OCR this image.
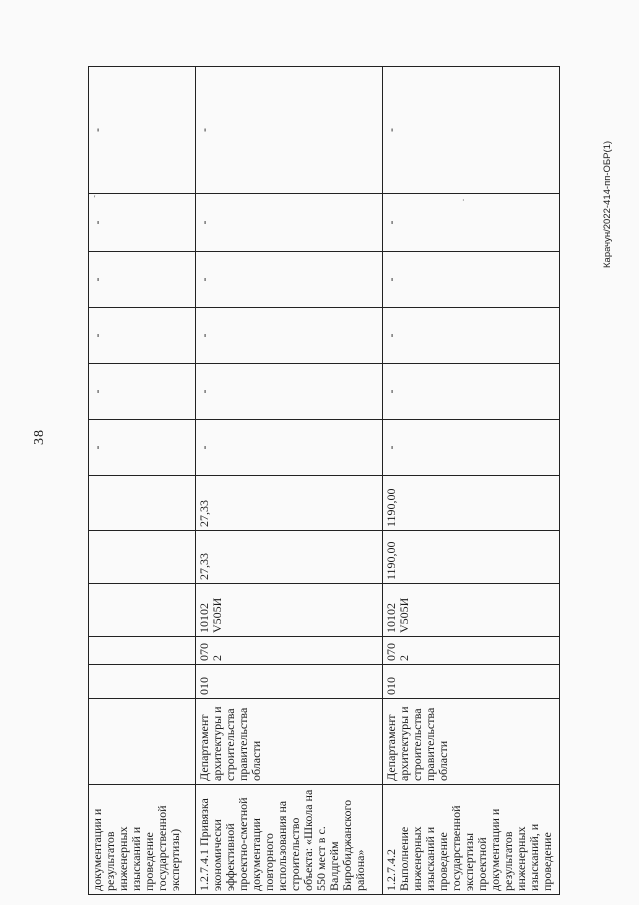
38
Карачун/2022-414-пп-ОБР(1)
документации и результатов инженерных изысканий и проведение государственной экспертизы)							-	-	-	-	-	-
1.2.7.4.1 Привязка экономически эффективной проектно-сметной документации повторного использования на строительство объекта: «Школа на 550 мест в с. Валдгейм Биробиджанского района»	Департамент архитектуры и строительства правительства области	010	0702	10102 V505И	27,33	27,33	-	-	-	-	-	-
1.2.7.4.2 Выполнение инженерных изысканий и проведение государственной экспертизы проектной документации и результатов инженерных изысканий, и проведение	Департамент архитектуры и строительства правительства области	010	0702	10102 V505И	1190,00	1190,00	-	-	-	-	-	-
'	·
